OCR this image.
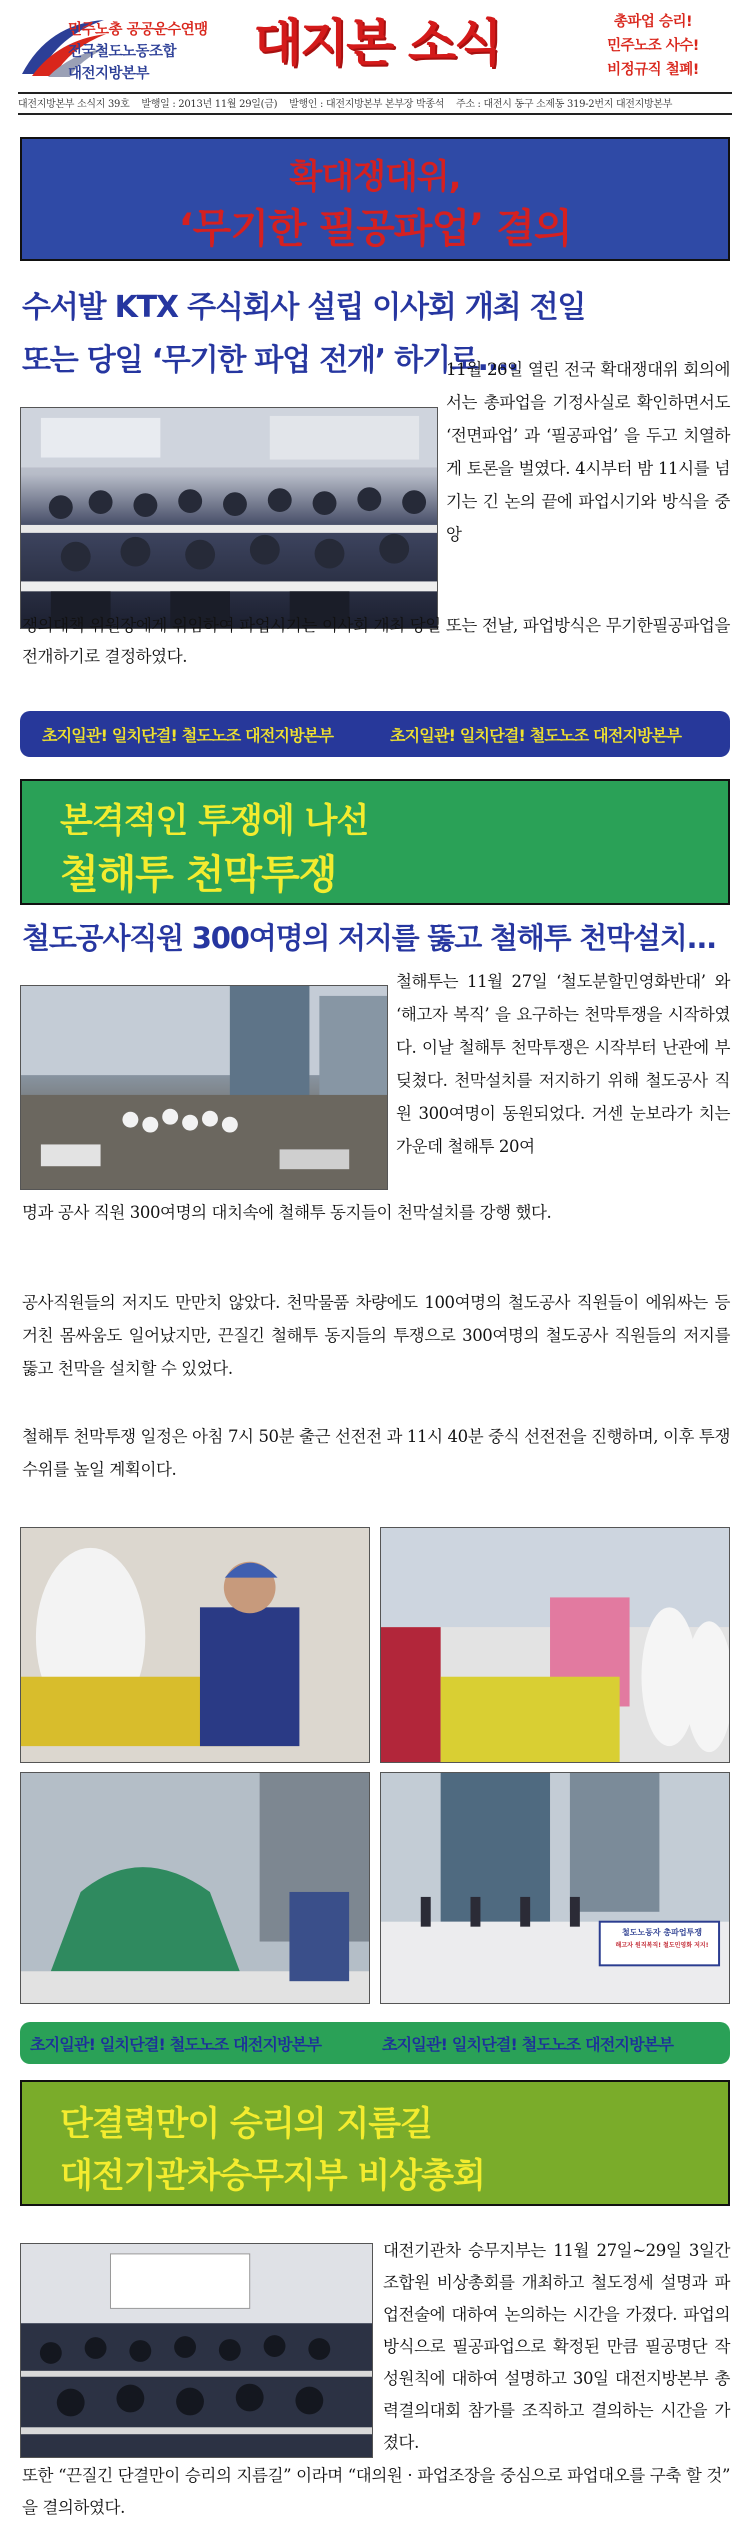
민주노총 공공운수연맹
전국철도노동조합
대전지방본부
대지본 소식	총파업 승리!
민주노조 사수!
비정규직 철폐!
대전지방본부 소식지 39호 발행일 : 2013년 11월 29일(금) 발행인 : 대전지방본부 본부장 박종석 주소 : 대전시 동구 소제동 319-2번지 대전지방본부
확대쟁대위,
‘무기한 필공파업’ 결의
수서발 KTX 주식회사 설립 이사회 개최 전일
또는 당일 ‘무기한 파업 전개’ 하기로....
11월 26일 열린 전국 확대쟁대위 회의에서는 총파업을 기정사실로 확인하면서도 ‘전면파업’ 과 ‘필공파업’ 을 두고 치열하게 토론을 벌였다. 4시부터 밤 11시를 넘기는 긴 논의 끝에 파업시기와 방식을 중앙
쟁의대책 위원장에게 위임하여 파업시기는 이사회 개최 당일 또는 전날, 파업방식은 무기한필공파업을 전개하기로 결정하였다.
초지일관! 일치단결! 철도노조 대전지방본부	초지일관! 일치단결! 철도노조 대전지방본부
본격적인 투쟁에 나선
철해투 천막투쟁
철도공사직원 300여명의 저지를 뚫고 철해투 천막설치...
철해투는 11월 27일 ‘철도분할민영화반대’ 와 ‘해고자 복직’ 을 요구하는 천막투쟁을 시작하였다. 이날 철해투 천막투쟁은 시작부터 난관에 부딪쳤다. 천막설치를 저지하기 위해 철도공사 직원 300여명이 동원되었다. 거센 눈보라가 치는 가운데 철해투 20여
명과 공사 직원 300여명의 대치속에 철해투 동지들이 천막설치를 강행 했다.
공사직원들의 저지도 만만치 않았다. 천막물품 차량에도 100여명의 철도공사 직원들이 에워싸는 등 거친 몸싸움도 일어났지만, 끈질긴 철해투 동지들의 투쟁으로 300여명의 철도공사 직원들의 저지를 뚫고 천막을 설치할 수 있었다.
철해투 천막투쟁 일정은 아침 7시 50분 출근 선전전 과 11시 40분 중식 선전전을 진행하며, 이후 투쟁 수위를 높일 계획이다.
철도노동자 총파업투쟁
해고자 원직복직! 철도민영화 저지!
초지일관! 일치단결! 철도노조 대전지방본부	초지일관! 일치단결! 철도노조 대전지방본부
단결력만이 승리의 지름길
대전기관차승무지부 비상총회
대전기관차 승무지부는 11월 27일~29일 3일간 조합원 비상총회를 개최하고 철도정세 설명과 파업전술에 대하여 논의하는 시간을 가졌다. 파업의 방식으로 필공파업으로 확정된 만큼 필공명단 작성원칙에 대하여 설명하고 30일 대전지방본부 총력결의대회 참가를 조직하고 결의하는 시간을 가졌다.
또한 “끈질긴 단결만이 승리의 지름길” 이라며 “대의원 · 파업조장을 중심으로 파업대오를 구축 할 것” 을 결의하였다.
